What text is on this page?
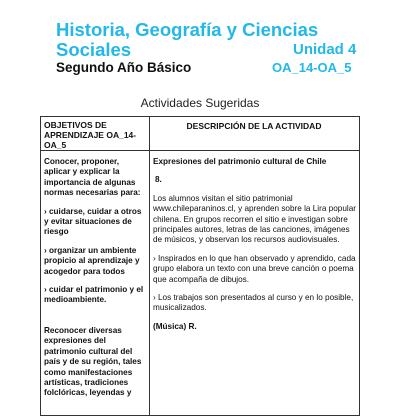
Historia, Geografía y Ciencias Sociales	Unidad 4
Segundo Año Básico	OA_14-OA_5
Actividades Sugeridas
OBJETIVOS DE APRENDIZAJE OA_14-OA_5
DESCRIPCIÓN DE LA ACTIVIDAD

Conocer, proponer, aplicar y explicar la importancia de algunas normas necesarias para:

› cuidarse, cuidar a otros y evitar situaciones de riesgo

› organizar un ambiente propicio al aprendizaje y acogedor para todos

› cuidar el patrimonio y el medioambiente.

Reconocer diversas expresiones del patrimonio cultural del país y de su región, tales como manifestaciones artísticas, tradiciones folclóricas, leyendas y

Expresiones del patrimonio cultural de Chile

8.

Los alumnos visitan el sitio patrimonial www.chileparaninos.cl, y aprenden sobre la Lira popular chilena. En grupos recorren el sitio e investigan sobre principales autores, letras de las canciones, imágenes de músicos, y observan los recursos audiovisuales.

› Inspirados en lo que han observado y aprendido, cada grupo elabora un texto con una breve canción o poema que acompaña de dibujos.

› Los trabajos son presentados al curso y en lo posible, musicalizados.

(Música) R.
